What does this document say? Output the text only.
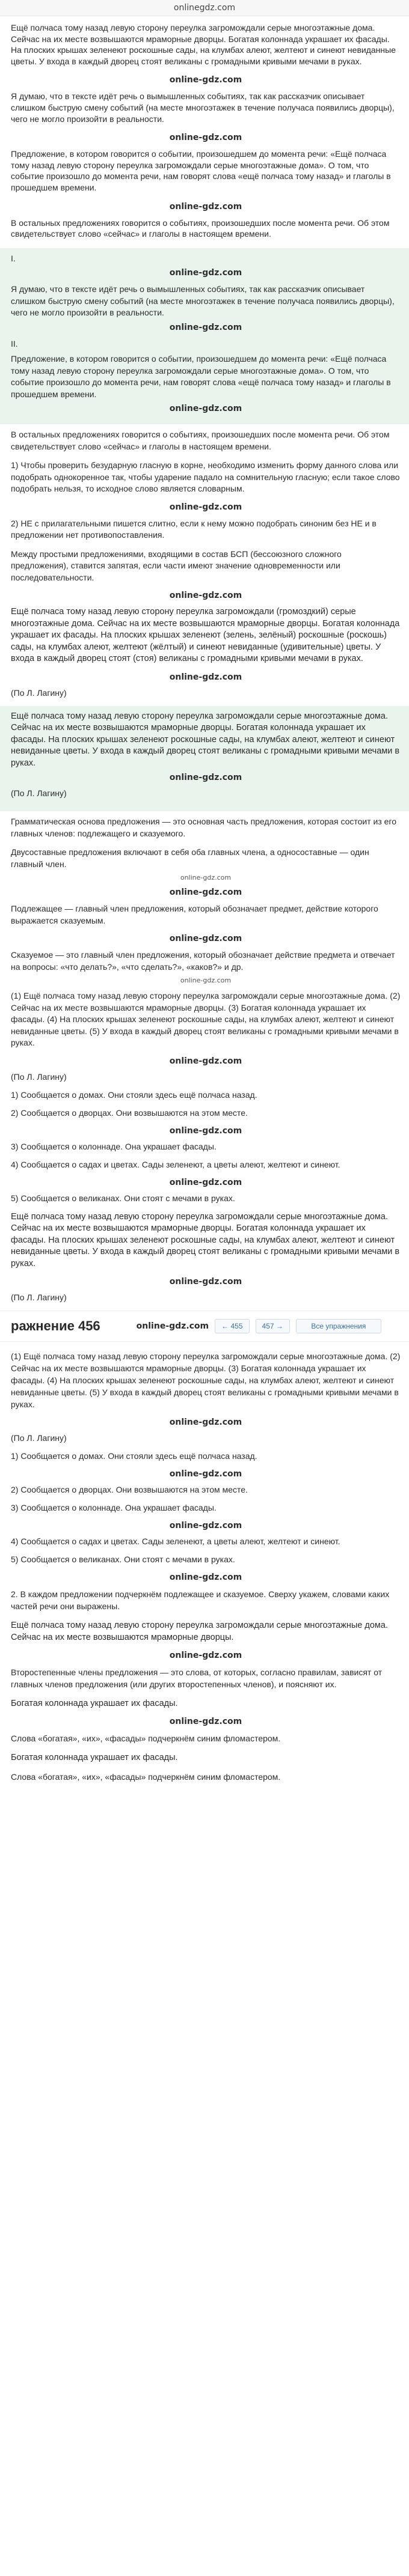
onlinegdz.com

Ещё полчаса тому назад левую сторону переулка загромождали серые многоэтажные дома. Сейчас на их месте возвышаются мраморные дворцы. Богатая колоннада украшает их фасады. На плоских крышах зеленеют роскошные сады, на клумбах алеют, желтеют и синеют невиданные цветы. У входа в каждый дворец стоят великаны с громадными кривыми мечами в руках.

online-gdz.com

Я думаю, что в тексте идёт речь о вымышленных событиях, так как рассказчик описывает слишком быструю смену событий (на месте многоэтажек в течение получаса появились дворцы), чего не могло произойти в реальности.

online-gdz.com

Предложение, в котором говорится о событии, произошедшем до момента речи: «Ещё полчаса тому назад левую сторону переулка загромождали серые многоэтажные дома». О том, что событие произошло до момента речи, нам говорят слова «ещё полчаса тому назад» и глаголы в прошедшем времени.

online-gdz.com

В остальных предложениях говорится о событиях, произошедших после момента речи. Об этом свидетельствует слово «сейчас» и глаголы в настоящем времени.

I.

online-gdz.com

Я думаю, что в тексте идёт речь о вымышленных событиях, так как рассказчик описывает слишком быструю смену событий (на месте многоэтажек в течение получаса появились дворцы), чего не могло произойти в реальности.

online-gdz.com

II.

Предложение, в котором говорится о событии, произошедшем до момента речи: «Ещё полчаса тому назад левую сторону переулка загромождали серые многоэтажные дома». О том, что событие произошло до момента речи, нам говорят слова «ещё полчаса тому назад» и глаголы в прошедшем времени.

online-gdz.com

В остальных предложениях говорится о событиях, произошедших после момента речи. Об этом свидетельствует слово «сейчас» и глаголы в настоящем времени.

1) Чтобы проверить безударную гласную в корне, необходимо изменить форму данного слова или подобрать однокоренное так, чтобы ударение падало на сомнительную гласную; если такое слово подобрать нельзя, то исходное слово является словарным.

online-gdz.com

2) НЕ с прилагательными пишется слитно, если к нему можно подобрать синоним без НЕ и в предложении нет противопоставления.

Между простыми предложениями, входящими в состав БСП (бессоюзного сложного предложения), ставится запятая, если части имеют значение одновременности или последовательности.

online-gdz.com

Ещё полчаса тому назад левую сторону переулка загромождали (громоздкий) серые многоэтажные дома. Сейчас на их месте возвышаются мраморные дворцы. Богатая колоннада украшает их фасады. На плоских крышах зеленеют (зелень, зелёный) роскошные (роскошь) сады, на клумбах алеют, желтеют (жёлтый) и синеют невиданные (удивительные) цветы. У входа в каждый дворец стоят (стоя) великаны с громадными кривыми мечами в руках.

online-gdz.com
(По Л. Лагину)

Ещё полчаса тому назад левую сторону переулка загромождали серые многоэтажные дома. Сейчас на их месте возвышаются мраморные дворцы. Богатая колоннада украшает их фасады. На плоских крышах зеленеют роскошные сады, на клумбах алеют, желтеют и синеют невиданные цветы. У входа в каждый дворец стоят великаны с громадными кривыми мечами в руках.

online-gdz.com
(По Л. Лагину)

Грамматическая основа предложения — это основная часть предложения, которая состоит из его главных членов: подлежащего и сказуемого.

Двусоставные предложения включают в себя оба главных члена, а односоставные — один главный член.

online-gdz.com
online-gdz.com

Подлежащее — главный член предложения, который обозначает предмет, действие которого выражается сказуемым.

online-gdz.com

Сказуемое — это главный член предложения, который обозначает действие предмета и отвечает на вопросы: «что делать?», «что сделать?», «каков?» и др.

online-gdz.com

(1) Ещё полчаса тому назад левую сторону переулка загромождали серые многоэтажные дома. (2) Сейчас на их месте возвышаются мраморные дворцы. (3) Богатая колоннада украшает их фасады. (4) На плоских крышах зеленеют роскошные сады, на клумбах алеют, желтеют и синеют невиданные цветы. (5) У входа в каждый дворец стоят великаны с громадными кривыми мечами в руках.

online-gdz.com
(По Л. Лагину)
1) Сообщается о домах. Они стояли здесь ещё полчаса назад.
2) Сообщается о дворцах. Они возвышаются на этом месте.
online-gdz.com
3) Сообщается о колоннаде. Она украшает фасады.
4) Сообщается о садах и цветах. Сады зеленеют, а цветы алеют, желтеют и синеют.
online-gdz.com
5) Сообщается о великанах. Они стоят с мечами в руках.

Ещё полчаса тому назад левую сторону переулка загромождали серые многоэтажные дома. Сейчас на их месте возвышаются мраморные дворцы. Богатая колоннада украшает их фасады. На плоских крышах зеленеют роскошные сады, на клумбах алеют, желтеют и синеют невиданные цветы. У входа в каждый дворец стоят великаны с громадными кривыми мечами в руках.

online-gdz.com
(По Л. Лагину)
ражнение 456	online-gdz.com	← 455	457 →	Все упражнения

(1) Ещё полчаса тому назад левую сторону переулка загромождали серые многоэтажные дома. (2) Сейчас на их месте возвышаются мраморные дворцы. (3) Богатая колоннада украшает их фасады. (4) На плоских крышах зеленеют роскошные сады, на клумбах алеют, желтеют и синеют невиданные цветы. (5) У входа в каждый дворец стоят великаны с громадными кривыми мечами в руках.

online-gdz.com
(По Л. Лагину)
1) Сообщается о домах. Они стояли здесь ещё полчаса назад.
online-gdz.com
2) Сообщается о дворцах. Они возвышаются на этом месте.
3) Сообщается о колоннаде. Она украшает фасады.
online-gdz.com
4) Сообщается о садах и цветах. Сады зеленеют, а цветы алеют, желтеют и синеют.
5) Сообщается о великанах. Они стоят с мечами в руках.
online-gdz.com

2. В каждом предложении подчеркнём подлежащее и сказуемое. Сверху укажем, словами каких частей речи они выражены.

Ещё полчаса тому назад левую сторону переулка загромождали серые многоэтажные дома. Сейчас на их месте возвышаются мраморные дворцы.

online-gdz.com

Второстепенные члены предложения — это слова, от которых, согласно правилам, зависят от главных членов предложения (или других второстепенных членов), и поясняют их.

Богатая колоннада украшает их фасады.

online-gdz.com

Слова «богатая», «их», «фасады» подчеркнём синим фломастером.

Богатая колоннада украшает их фасады.

Слова «богатая», «их», «фасады» подчеркнём синим фломастером.
